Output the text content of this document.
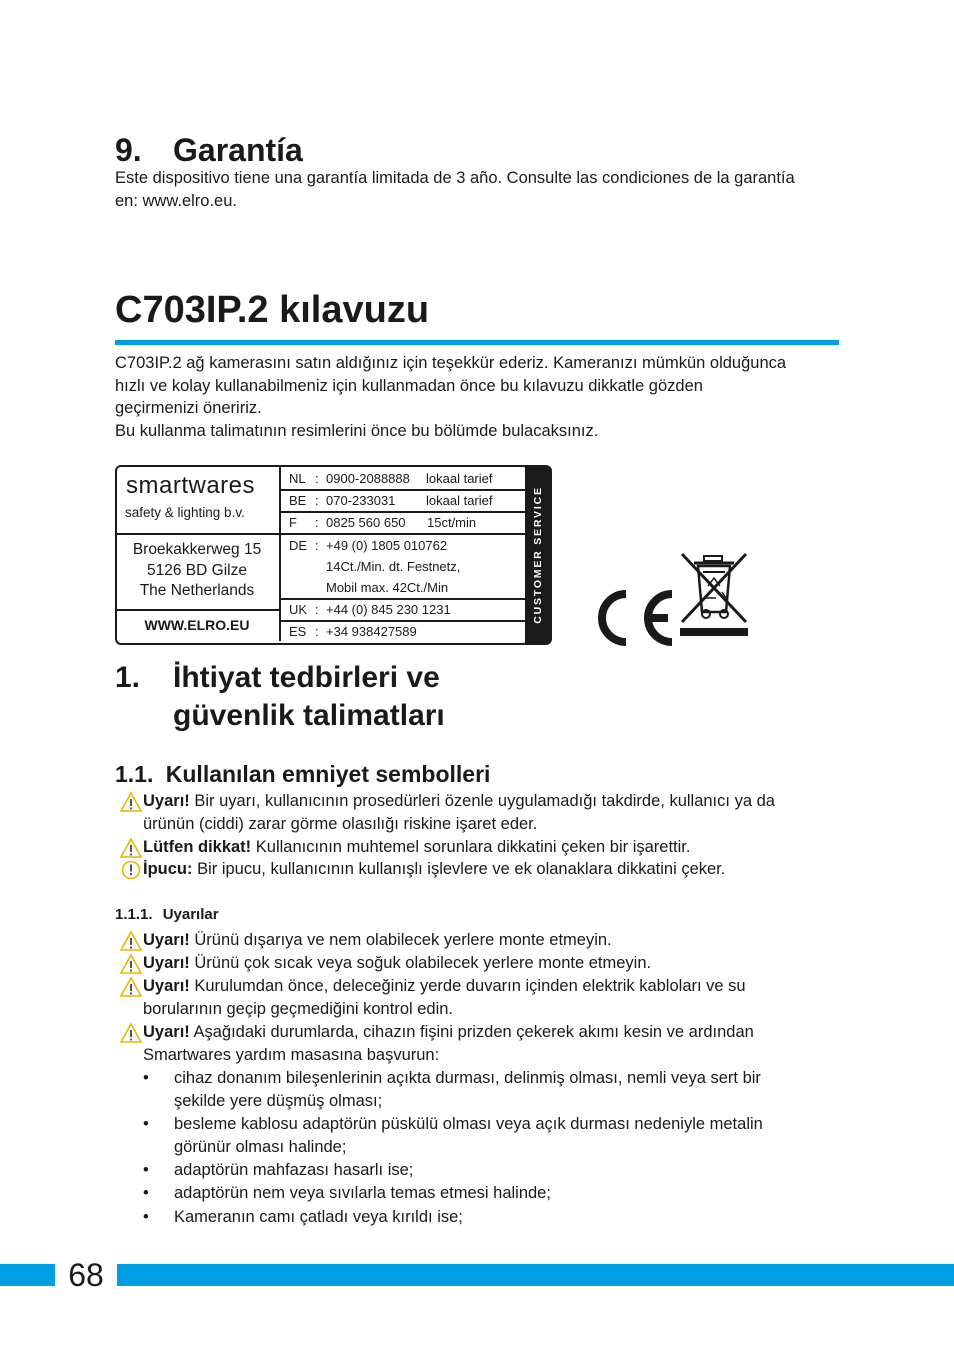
9. Garantía
Este dispositivo tiene una garantía limitada de 3 año. Consulte las condiciones de la garantía en: www.elro.eu.
C703IP.2 kılavuzu
C703IP.2 ağ kamerasını satın aldığınız için teşekkür ederiz. Kameranızı mümkün olduğunca
hızlı ve kolay kullanabilmeniz için kullanmadan önce bu kılavuzu dikkatle gözden
geçirmenizi öneririz.
Bu kullanma talimatının resimlerini önce bu bölümde bulacaksınız.
smartwares
safety & lighting b.v.
Broekakkerweg 15
5126 BD Gilze
The Netherlands
WWW.ELRO.EU
NL : 0900-2088888 lokaal tarief
BE : 070-233031 lokaal tarief
F : 0825 560 650 15ct/min
DE : +49 (0) 1805 010762
14Ct./Min. dt. Festnetz,
Mobil max. 42Ct./Min
UK : +44 (0) 845 230 1231
ES : +34 938427589
CUSTOMER SERVICE
1. İhtiyat tedbirleri ve
güvenlik talimatları
1.1. Kullanılan emniyet sembolleri
Uyarı! Bir uyarı, kullanıcının prosedürleri özenle uygulamadığı takdirde, kullanıcı ya da
ürünün (ciddi) zarar görme olasılığı riskine işaret eder.
Lütfen dikkat! Kullanıcının muhtemel sorunlara dikkatini çeken bir işarettir.
İpucu: Bir ipucu, kullanıcının kullanışlı işlevlere ve ek olanaklara dikkatini çeker.
1.1.1. Uyarılar
Uyarı! Ürünü dışarıya ve nem olabilecek yerlere monte etmeyin.
Uyarı! Ürünü çok sıcak veya soğuk olabilecek yerlere monte etmeyin.
Uyarı! Kurulumdan önce, deleceğiniz yerde duvarın içinden elektrik kabloları ve su
borularının geçip geçmediğini kontrol edin.
Uyarı! Aşağıdaki durumlarda, cihazın fişini prizden çekerek akımı kesin ve ardından
Smartwares yardım masasına başvurun:
• cihaz donanım bileşenlerinin açıkta durması, delinmiş olması, nemli veya sert bir
şekilde yere düşmüş olması;
• besleme kablosu adaptörün püskülü olması veya açık durması nedeniyle metalin
görünür olması halinde;
• adaptörün mahfazası hasarlı ise;
• adaptörün nem veya sıvılarla temas etmesi halinde;
• Kameranın camı çatladı veya kırıldı ise;
68
